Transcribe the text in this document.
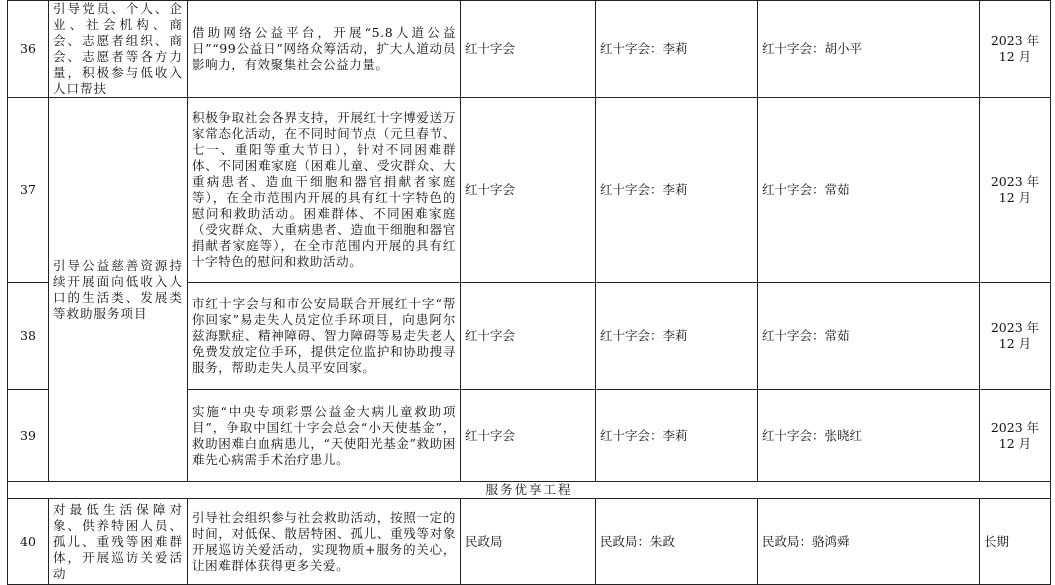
36	引导党员、个人、企业、社会机构、商会、志愿者组织、商会、志愿者等各方力量，积极参与低收入人口帮扶	借助网络公益平台，开展“5.8人道公益日”“99公益日”网络众筹活动，扩大人道动员影响力，有效聚集社会公益力量。	红十字会	红十字会：李莉	红十字会：胡小平	2023 年
12 月

37	引导公益慈善资源持续开展面向低收入人口的生活类、发展类等救助服务项目	积极争取社会各界支持，开展红十字博爱送万家常态化活动，在不同时间节点（元旦春节、七一、重阳等重大节日），针对不同困难群体、不同困难家庭（困难儿童、受灾群众、大重病患者、造血干细胞和器官捐献者家庭等），在全市范围内开展的具有红十字特色的慰问和救助活动。困难群体、不同困难家庭（受灾群众、大重病患者、造血干细胞和器官捐献者家庭等），在全市范围内开展的具有红十字特色的慰问和救助活动。	红十字会	红十字会：李莉	红十字会：常茹	2023 年
12 月

38		市红十字会与和市公安局联合开展红十字“帮你回家”易走失人员定位手环项目，向患阿尔兹海默症、精神障碍、智力障碍等易走失老人免费发放定位手环，提供定位监护和协助搜寻服务，帮助走失人员平安回家。	红十字会	红十字会：李莉	红十字会：常茹	2023 年
12 月

39		实施“中央专项彩票公益金大病儿童救助项目”，争取中国红十字会总会“小天使基金”，救助困难白血病患儿，“天使阳光基金”救助困难先心病需手术治疗患儿。	红十字会	红十字会：李莉	红十字会：张晓红	2023 年
12 月

服务优享工程						
40	对最低生活保障对象、供养特困人员、孤儿、重残等困难群体，开展巡访关爱活动	引导社会组织参与社会救助活动，按照一定的时间，对低保、散居特困、孤儿、重残等对象开展巡访关爱活动，实现物质+服务的关心，让困难群体获得更多关爱。	民政局	民政局：朱政	民政局：骆鸿舜	长期
